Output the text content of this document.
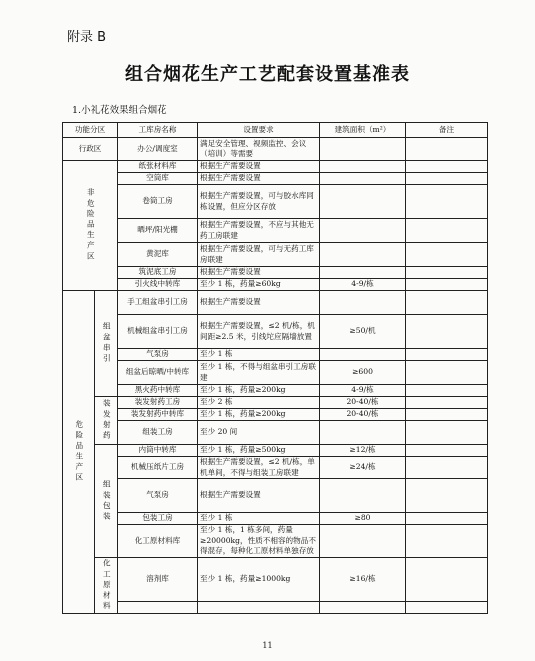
附录 B
组合烟花生产工艺配套设置基准表
1.小礼花效果组合烟花
功能分区		工库房名称	设置要求	建筑面积（m²）	备注
行政区		办公/调度室	满足安全管理、视频监控、会议（培训）等需要		

非危险品生产区		纸张材料库	根据生产需要设置		
		空筒库	根据生产需要设置		
		卷筒工房	根据生产需要设置，可与胶水库同栋设置，但应分区存放		
		晒坪/阳光棚	根据生产需要设置，不应与其他无药工房联建		
		黄泥库	根据生产需要设置，可与无药工库房联建		
		筑泥底工房	根据生产需要设置		
		引火线中转库	至少 1 栋，药量≥60kg	4-9/栋	

危险品生产区	组盆串引	手工组盆串引工房	根据生产需要设置		
		机械组盆串引工房	根据生产需要设置，≤2 机/栋，机间距≥2.5 米，引线坨应隔墙放置	≥50/机	
		气泵房	至少 1 栋		
		组盆后晾晒/中转库	至少 1 栋，不得与组盆串引工房联建	≥600	
		黑火药中转库	至少 1 栋，药量≥200kg	4-9/栋	

	装发射药	装发射药工房	至少 2 栋	20-40/栋	
		装发射药中转库	至少 1 栋，药量≥200kg	20-40/栋	
		组装工房	至少 20 间		

	组装包装	内筒中转库	至少 1 栋，药量≥500kg	≥12/栋	
		机械压纸片工房	根据生产需要设置，≤2 机/栋，单机单间，不得与组装工房联建	≥24/栋	
		气泵房	根据生产需要设置		
		包装工房	至少 1 栋	≥80	
		化工原材料库	至少 1 栋，1 栋多间，药量≥20000kg，性质不相容的物品不得混存，每种化工原材料单独存放		

	化工原材料	溶剂库	至少 1 栋，药量≥1000kg	≥16/栋	

11
